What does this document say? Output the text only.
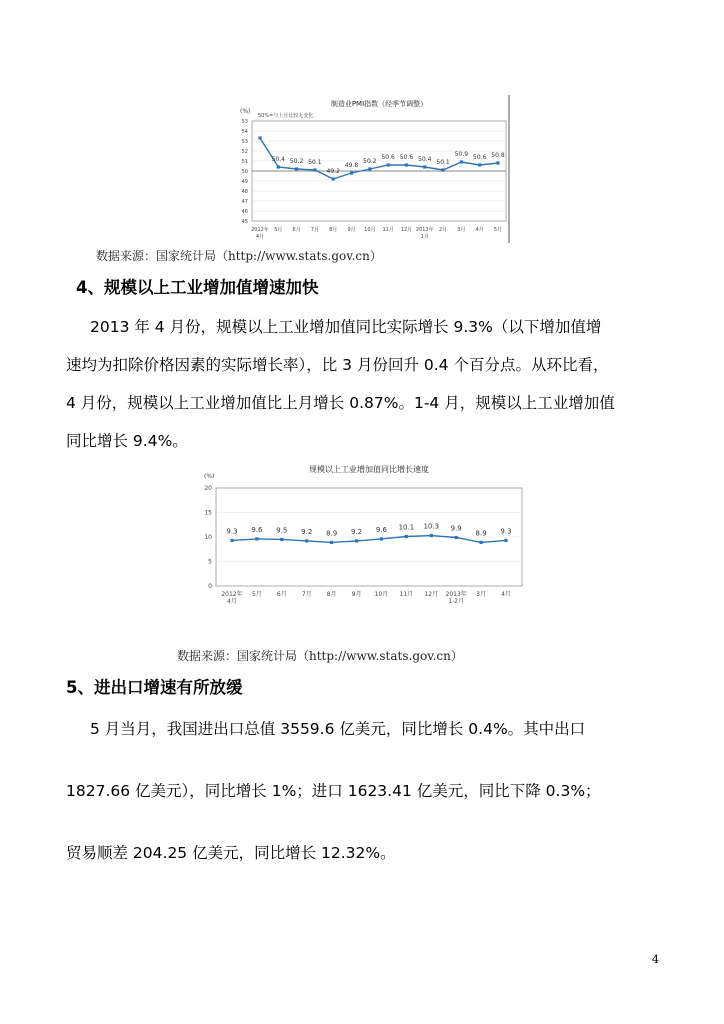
制造业PMI指数（经季节调整）
50%=与上月比较无变化
(%)
53
54
53
52
51
50
49
48
47
46
45
2012年
4月
5月 6月 7月 8月 9月 10月 11月 12月 2013年
1月
2月 3月 4月 5月
50.4 50.2 50.1
49.2
49.8
50.2
50.6 50.6 50.4 50.1
50.9 50.6 50.8
数据来源：国家统计局（http://www.stats.gov.cn）
4、规模以上工业增加值增速加快
2013 年 4 月份，规模以上工业增加值同比实际增长 9.3%（以下增加值增
速均为扣除价格因素的实际增长率），比 3 月份回升 0.4 个百分点。从环比看，
4 月份，规模以上工业增加值比上月增长 0.87%。1-4 月，规模以上工业增加值
同比增长 9.4%。
规模以上工业增加值同比增长速度
(%)
20
15
10
5
0
2012年
4月
5月	6月	7月	8月	9月 10月 11月 12月 2013年
1-2月
3月	4月
9.3 9.6 9.5 9.2 8.9 9.2 9.6 10.1 10.3 9.9
8.9 9.3
数据来源：国家统计局（http://www.stats.gov.cn）
5、进出口增速有所放缓
5 月当月，我国进出口总值 3559.6 亿美元，同比增长 0.4%。其中出口
1827.66 亿美元），同比增长 1%；进口 1623.41 亿美元，同比下降 0.3%；
贸易顺差 204.25 亿美元，同比增长 12.32%。
4
